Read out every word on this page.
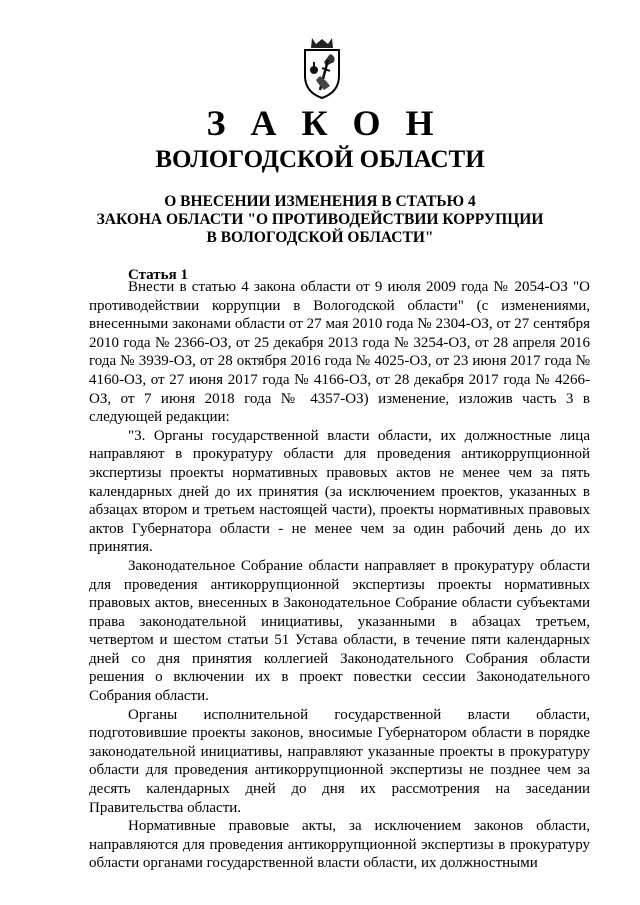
З А К О Н
ВОЛОГОДСКОЙ ОБЛАСТИ
О ВНЕСЕНИИ ИЗМЕНЕНИЯ В СТАТЬЮ 4
ЗАКОНА ОБЛАСТИ "О ПРОТИВОДЕЙСТВИИ КОРРУПЦИИ
В ВОЛОГОДСКОЙ ОБЛАСТИ"
Статья 1

Внести в статью 4 закона области от 9 июля 2009 года № 2054-ОЗ "О противодействии коррупции в Вологодской области" (с изменениями, внесенными законами области от 27 мая 2010 года № 2304-ОЗ, от 27 сентября 2010 года № 2366-ОЗ, от 25 декабря 2013 года № 3254-ОЗ, от 28 апреля 2016 года № 3939-ОЗ, от 28 октября 2016 года № 4025-ОЗ, от 23 июня 2017 года № 4160-ОЗ, от 27 июня 2017 года № 4166-ОЗ, от 28 декабря 2017 года № 4266-ОЗ, от 7 июня 2018 года № 4357-ОЗ) изменение, изложив часть 3 в следующей редакции:

"3. Органы государственной власти области, их должностные лица направляют в прокуратуру области для проведения антикоррупционной экспертизы проекты нормативных правовых актов не менее чем за пять календарных дней до их принятия (за исключением проектов, указанных в абзацах втором и третьем настоящей части), проекты нормативных правовых актов Губернатора области - не менее чем за один рабочий день до их принятия.

Законодательное Собрание области направляет в прокуратуру области для проведения антикоррупционной экспертизы проекты нормативных правовых актов, внесенных в Законодательное Собрание области субъектами права законодательной инициативы, указанными в абзацах третьем, четвертом и шестом статьи 51 Устава области, в течение пяти календарных дней со дня принятия коллегией Законодательного Собрания области решения о включении их в проект повестки сессии Законодательного Собрания области.

Органы исполнительной государственной власти области, подготовившие проекты законов, вносимые Губернатором области в порядке законодательной инициативы, направляют указанные проекты в прокуратуру области для проведения антикоррупционной экспертизы не позднее чем за десять календарных дней до дня их рассмотрения на заседании Правительства области.

Нормативные правовые акты, за исключением законов области, направляются для проведения антикоррупционной экспертизы в прокуратуру области органами государственной власти области, их должностными
